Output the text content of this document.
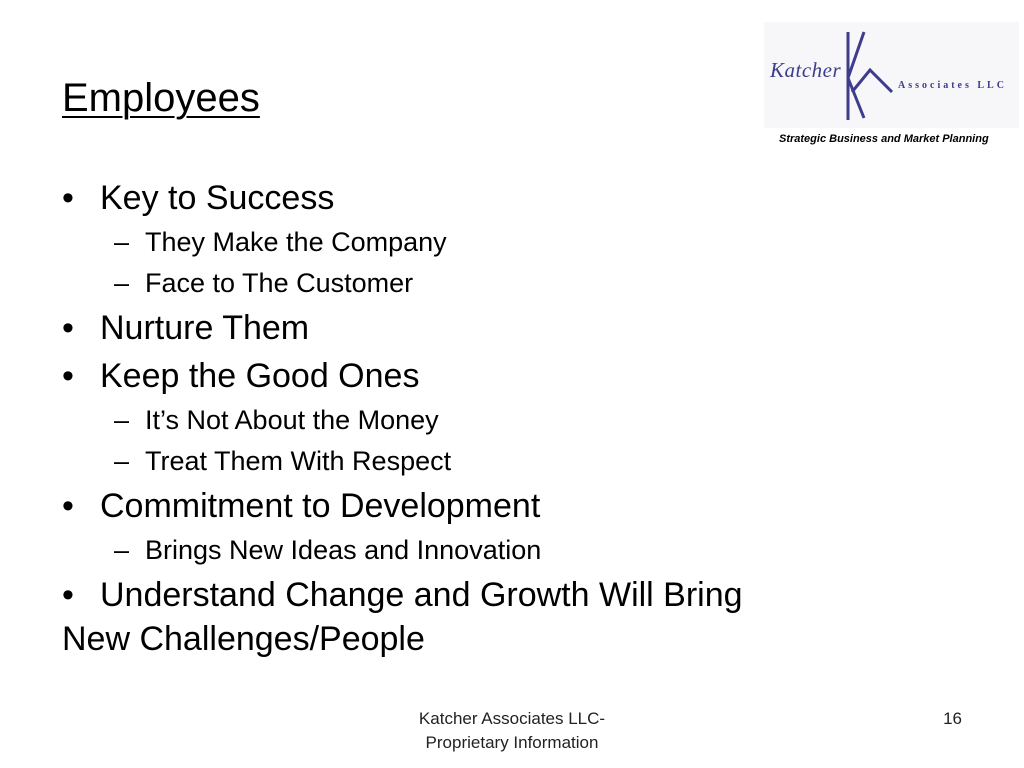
Employees
Katcher
Associates LLC
Strategic Business and Market Planning
• Key to Success
– They Make the Company
– Face to The Customer
• Nurture Them
• Keep the Good Ones
– It’s Not About the Money
– Treat Them With Respect
• Commitment to Development
– Brings New Ideas and Innovation
• Understand Change and Growth Will Bring
New Challenges/People
Katcher Associates LLC-
Proprietary Information
16
